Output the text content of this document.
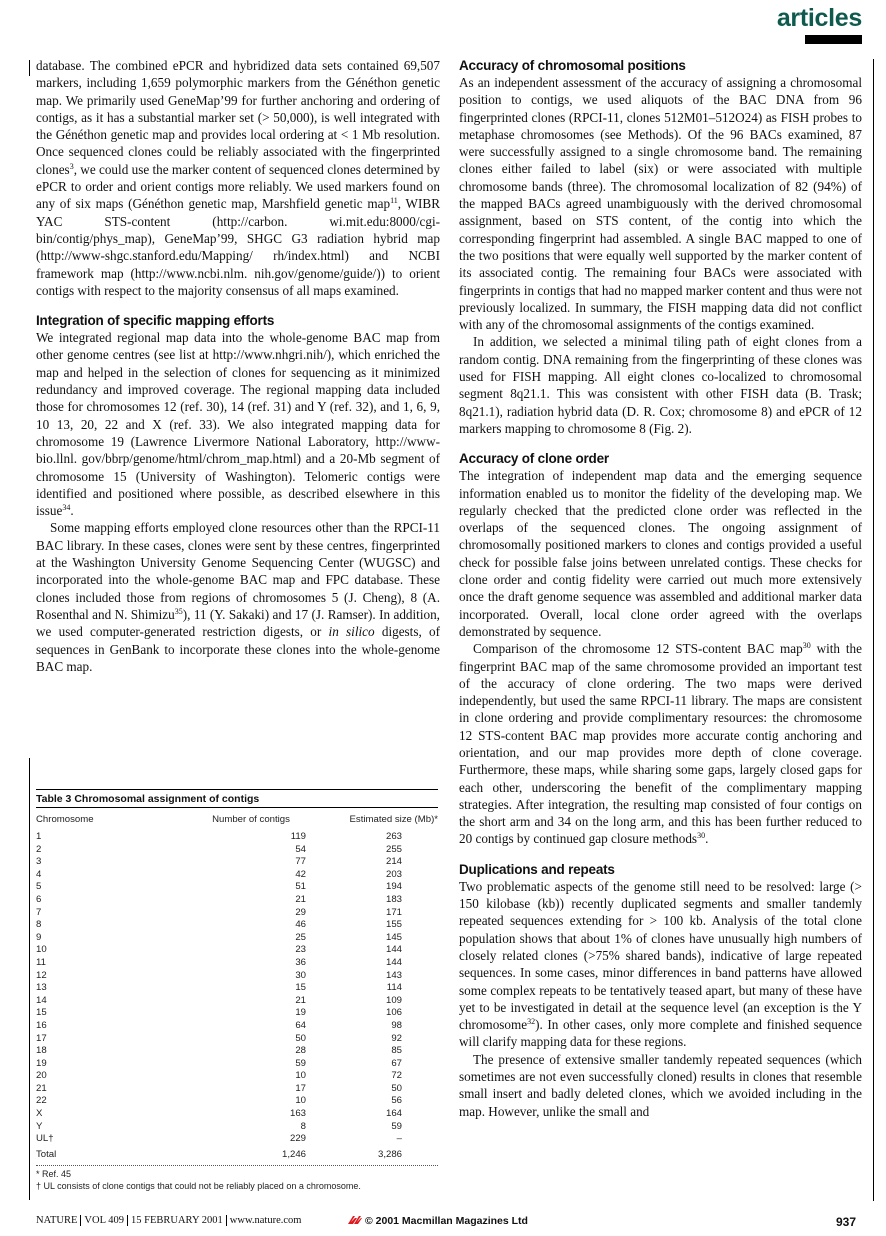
articles

database. The combined ePCR and hybridized data sets contained 69,507 markers, including 1,659 polymorphic markers from the Généthon genetic map. We primarily used GeneMap’99 for further anchoring and ordering of contigs, as it has a substantial marker set (> 50,000), is well integrated with the Généthon genetic map and provides local ordering at < 1 Mb resolution. Once sequenced clones could be reliably associated with the fingerprinted clones$^3$, we could use the marker content of sequenced clones determined by ePCR to order and orient contigs more reliably. We used markers found on any of six maps (Généthon genetic map, Marshfield genetic map$^{11}$, WIBR YAC STS-content (http://carbon. wi.mit.edu:8000/cgi-bin/contig/phys_map), GeneMap’99, SHGC G3 radiation hybrid map (http://www-shgc.stanford.edu/Mapping/ rh/index.html) and NCBI framework map (http://www.ncbi.nlm. nih.gov/genome/guide/)) to orient contigs with respect to the majority consensus of all maps examined.

Integration of specific mapping efforts

We integrated regional map data into the whole-genome BAC map from other genome centres (see list at http://www.nhgri.nih/), which enriched the map and helped in the selection of clones for sequencing as it minimized redundancy and improved coverage. The regional mapping data included those for chromosomes 12 (ref. 30), 14 (ref. 31) and Y (ref. 32), and 1, 6, 9, 10 13, 20, 22 and X (ref. 33). We also integrated mapping data for chromosome 19 (Lawrence Livermore National Laboratory, http://www-bio.llnl. gov/bbrp/genome/html/chrom_map.html) and a 20-Mb segment of chromosome 15 (University of Washington). Telomeric contigs were identified and positioned where possible, as described elsewhere in this issue$^{34}$.

Some mapping efforts employed clone resources other than the RPCI-11 BAC library. In these cases, clones were sent by these centres, fingerprinted at the Washington University Genome Sequencing Center (WUGSC) and incorporated into the whole-genome BAC map and FPC database. These clones included those from regions of chromosomes 5 (J. Cheng), 8 (A. Rosenthal and N. Shimizu$^{35}$), 11 (Y. Sakaki) and 17 (J. Ramser). In addition, we used computer-generated restriction digests, or in silico digests, of sequences in GenBank to incorporate these clones into the whole-genome BAC map.

Table 3 Chromosomal assignment of contigs
Chromosome	Number of contigs	Estimated size (Mb)*
1	119	263
2	54	255
3	77	214
4	42	203
5	51	194
6	21	183
7	29	171
8	46	155
9	25	145
10	23	144
11	36	144
12	30	143
13	15	114
14	21	109
15	19	106
16	64	98
17	50	92
18	28	85
19	59	67
20	10	72
21	17	50
22	10	56
X	163	164
Y	8	59
UL†	229	–
Total	1,246	3,286
* Ref. 45
† UL consists of clone contigs that could not be reliably placed on a chromosome.
Accuracy of chromosomal positions

As an independent assessment of the accuracy of assigning a chromosomal position to contigs, we used aliquots of the BAC DNA from 96 fingerprinted clones (RPCI-11, clones 512M01–512O24) as FISH probes to metaphase chromosomes (see Methods). Of the 96 BACs examined, 87 were successfully assigned to a single chromosome band. The remaining clones either failed to label (six) or were associated with multiple chromosome bands (three). The chromosomal localization of 82 (94%) of the mapped BACs agreed unambiguously with the derived chromosomal assignment, based on STS content, of the contig into which the corresponding fingerprint had assembled. A single BAC mapped to one of the two positions that were equally well supported by the marker content of its associated contig. The remaining four BACs were associated with fingerprints in contigs that had no mapped marker content and thus were not previously localized. In summary, the FISH mapping data did not conflict with any of the chromosomal assignments of the contigs examined.

In addition, we selected a minimal tiling path of eight clones from a random contig. DNA remaining from the fingerprinting of these clones was used for FISH mapping. All eight clones co-localized to chromosomal segment 8q21.1. This was consistent with other FISH data (B. Trask; 8q21.1), radiation hybrid data (D. R. Cox; chromosome 8) and ePCR of 12 markers mapping to chromosome 8 (Fig. 2).

Accuracy of clone order

The integration of independent map data and the emerging sequence information enabled us to monitor the fidelity of the developing map. We regularly checked that the predicted clone order was reflected in the overlaps of the sequenced clones. The ongoing assignment of chromosomally positioned markers to clones and contigs provided a useful check for possible false joins between unrelated contigs. These checks for clone order and contig fidelity were carried out much more extensively once the draft genome sequence was assembled and additional marker data incorporated. Overall, local clone order agreed with the overlaps demonstrated by sequence.

Comparison of the chromosome 12 STS-content BAC map$^{30}$ with the fingerprint BAC map of the same chromosome provided an important test of the accuracy of clone ordering. The two maps were derived independently, but used the same RPCI-11 library. The maps are consistent in clone ordering and provide complimentary resources: the chromosome 12 STS-content BAC map provides more accurate contig anchoring and orientation, and our map provides more depth of clone coverage. Furthermore, these maps, while sharing some gaps, largely closed gaps for each other, underscoring the benefit of the complimentary mapping strategies. After integration, the resulting map consisted of four contigs on the short arm and 34 on the long arm, and this has been further reduced to 20 contigs by continued gap closure methods$^{30}$.

Duplications and repeats

Two problematic aspects of the genome still need to be resolved: large (> 150 kilobase (kb)) recently duplicated segments and smaller tandemly repeated sequences extending for > 100 kb. Analysis of the total clone population shows that about 1% of clones have unusually high numbers of closely related clones (>75% shared bands), indicative of large repeated sequences. In some cases, minor differences in band patterns have allowed some complex repeats to be tentatively teased apart, but many of these have yet to be investigated in detail at the sequence level (an exception is the Y chromosome$^{32}$). In other cases, only more complete and finished sequence will clarify mapping data for these regions.

The presence of extensive smaller tandemly repeated sequences (which sometimes are not even successfully cloned) results in clones that resemble small insert and badly deleted clones, which we avoided including in the map. However, unlike the small and

NATURE VOL 409 15 FEBRUARY 2001 www.nature.com	© 2001 Macmillan Magazines Ltd	937
